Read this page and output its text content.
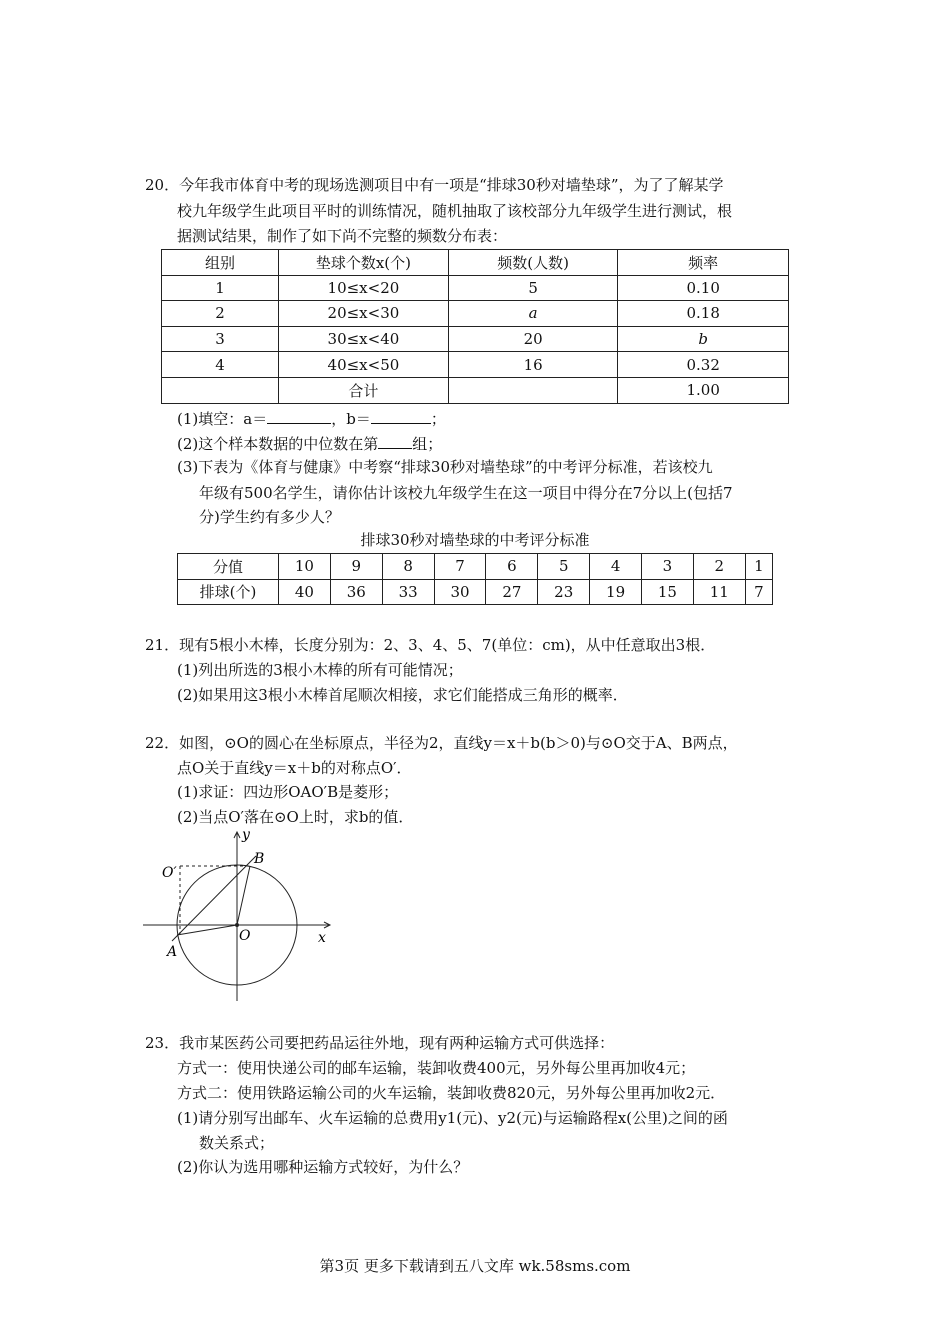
20．今年我市体育中考的现场选测项目中有一项是“排球30秒对墙垫球”，为了了解某学
校九年级学生此项目平时的训练情况，随机抽取了该校部分九年级学生进行测试，根
据测试结果，制作了如下尚不完整的频数分布表：
组别	垫球个数x(个)	频数(人数)	频率
1	10≤x<20	5	0.10
2	20≤x<30	a	0.18
3	30≤x<40	20	b
4	40≤x<50	16	0.32
	合计		1.00
(1)填空：a＝	，b＝	；
(2)这个样本数据的中位数在第 组；
(3)下表为《体育与健康》中考察“排球30秒对墙垫球”的中考评分标准，若该校九
年级有500名学生，请你估计该校九年级学生在这一项目中得分在7分以上(包括7
分)学生约有多少人？
排球30秒对墙垫球的中考评分标准
分值	10	9	8	7	6	5	4	3	2	1
排球(个)	40	36	33	30	27	23	19	15	11	7
21．现有5根小木棒，长度分别为：2、3、4、5、7(单位：cm)，从中任意取出3根．
(1)列出所选的3根小木棒的所有可能情况；
(2)如果用这3根小木棒首尾顺次相接，求它们能搭成三角形的概率．
22．如图，⊙O的圆心在坐标原点，半径为2，直线y＝x＋b(b＞0)与⊙O交于A、B两点，
点O关于直线y＝x＋b的对称点O′．
(1)求证：四边形OAO′B是菱形；
(2)当点O′落在⊙O上时，求b的值．
O′
B
A
O	x
y
23．我市某医药公司要把药品运往外地，现有两种运输方式可供选择：
方式一：使用快递公司的邮车运输，装卸收费400元，另外每公里再加收4元；
方式二：使用铁路运输公司的火车运输，装卸收费820元，另外每公里再加收2元．
(1)请分别写出邮车、火车运输的总费用y1(元)、y2(元)与运输路程x(公里)之间的函
数关系式；
(2)你认为选用哪种运输方式较好，为什么？
第3页 更多下载请到五八文库 wk.58sms.com
